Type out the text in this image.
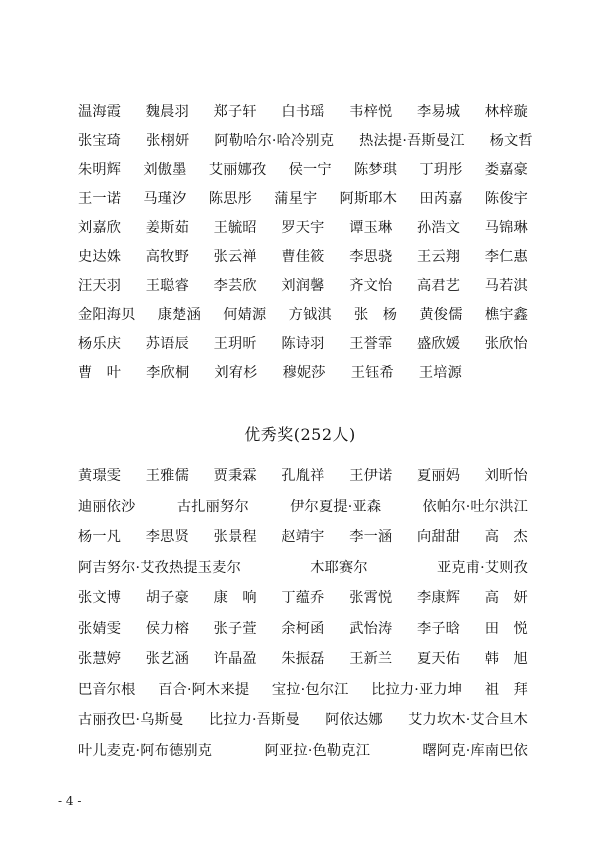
温海霞 魏晨羽 郑子轩 白书瑶 韦梓悦 李易城 林梓璇
张宝琦 张栩妍 阿勒哈尔·哈冷别克 热法提·吾斯曼江 杨文哲
朱明辉 刘傲墨 艾丽娜孜 侯一宁 陈梦琪 丁玥彤 娄嘉豪
王一诺 马瑾汐 陈思彤 蒲星宇 阿斯耶木 田芮嘉 陈俊宇
刘嘉欣 姜斯茹 王毓昭 罗天宇 谭玉琳 孙浩文 马锦琳
史达姝 高牧野 张云禅 曹佳筱 李思骁 王云翔 李仁惠
汪天羽 王聪睿 李芸欣 刘润馨 齐文怡 高君艺 马若淇
金阳海贝 康楚涵 何婧源 方钺淇 张　杨 黄俊儒 樵宇鑫
杨乐庆 苏语辰 王玥昕 陈诗羽 王誉霏 盛欣媛 张欣怡
曹　叶 李欣桐 刘宥杉 穆妮莎 王钰希 王培源
优秀奖(252人)
黄璟雯 王雅儒 贾秉霖 孔胤祥 王伊诺 夏丽妈 刘昕怡
迪丽依沙	古扎丽努尔	伊尔夏提·亚森	依帕尔·吐尔洪江
杨一凡 李思贤 张景程 赵靖宇 李一涵 向甜甜 高　杰
阿吉努尔·艾孜热提玉麦尔	木耶赛尔	亚克甫·艾则孜
张文博 胡子豪 康　响 丁蕴乔 张霄悦 李康辉 高　妍
张婧雯 侯力榕 张子萱 余柯函 武怡涛 李子晗 田　悦
张慧婷 张艺涵 许晶盈 朱振磊 王新兰 夏天佑 韩　旭
巴音尔根 百合·阿木来提 宝拉·包尔江 比拉力·亚力坤 祖　拜
古丽孜巴·乌斯曼 比拉力·吾斯曼 阿依达娜 艾力坎木·艾合旦木
叶儿麦克·阿布德别克	阿亚拉·色勒克江	曙阿克·库南巴依
- 4 -
